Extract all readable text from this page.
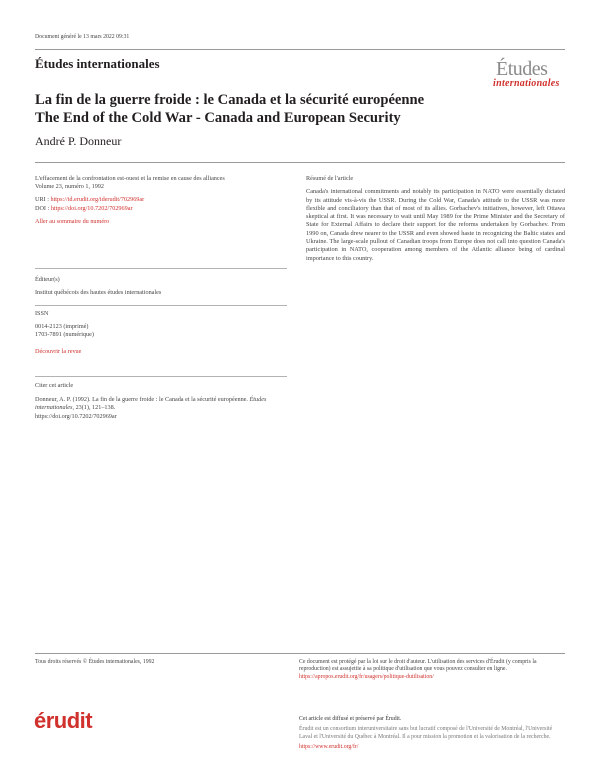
Document généré le 13 mars 2022 09:31
Études internationales	Études
internationales
La fin de la guerre froide : le Canada et la sécurité européenne
The End of the Cold War - Canada and European Security
André P. Donneur
L'effacement de la confrontation est-ouest et la remise en cause des alliances
Volume 23, numéro 1, 1992
URI : https://id.erudit.org/iderudit/702969ar
DOI : https://doi.org/10.7202/702969ar
Aller au sommaire du numéro
Éditeur(s)
Institut québécois des hautes études internationales
ISSN
0014-2123 (imprimé)
1703-7891 (numérique)
Découvrir la revue
Citer cet article
Donneur, A. P. (1992). La fin de la guerre froide : le Canada et la sécurité européenne. Études internationales, 23(1), 121–138.
https://doi.org/10.7202/702969ar
Résumé de l'article
Canada's international commitments and notably its participation in NATO were essentially dictated by its attitude vis-à-vis the USSR. During the Cold War, Canada's attitude to the USSR was more flexible and conciliatory than that of most of its allies. Gorbachev's initiatives, however, left Ottawa skeptical at first. It was necessary to wait until May 1989 for the Prime Minister and the Secretary of State for External Affairs to declare their support for the reforms undertaken by Gorbachev. From 1990 on, Canada drew nearer to the USSR and even showed haste in recognizing the Baltic states and Ukraine. The large-scale pullout of Canadian troops from Europe does not call into question Canada's participation in NATO, cooperation among members of the Atlantic alliance being of cardinal importance to this country.
Tous droits réservés © Études internationales, 1992	Ce document est protégé par la loi sur le droit d'auteur. L'utilisation des services d'Érudit (y compris la reproduction) est assujettie à sa politique d'utilisation que vous pouvez consulter en ligne.
https://apropos.erudit.org/fr/usagers/politique-dutilisation/
érudit	Cet article est diffusé et préservé par Érudit.
Érudit est un consortium interuniversitaire sans but lucratif composé de l'Université de Montréal, l'Université Laval et l'Université du Québec à Montréal. Il a pour mission la promotion et la valorisation de la recherche.
https://www.erudit.org/fr/
